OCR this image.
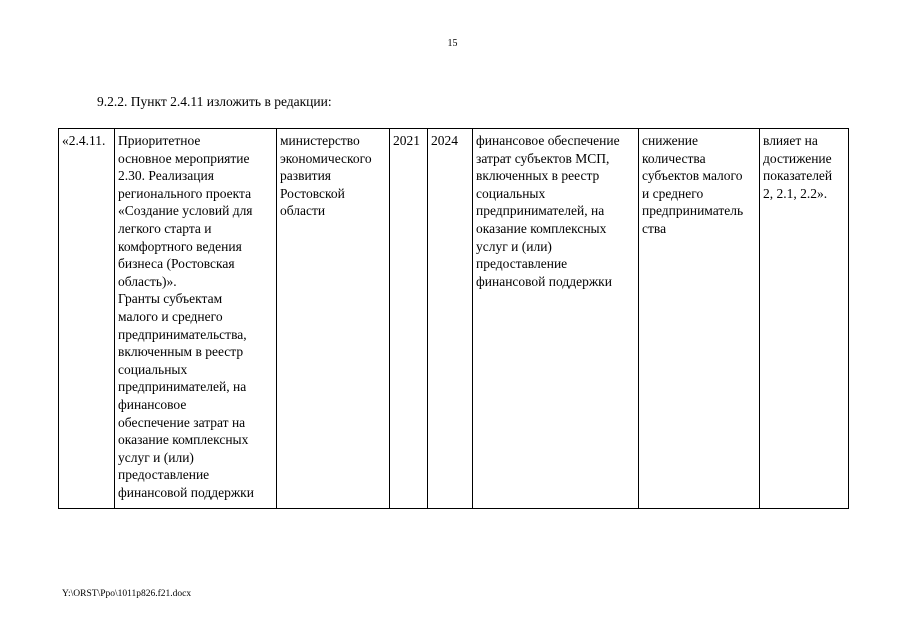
15
9.2.2. Пункт 2.4.11 изложить в редакции:
«2.4.11.	Приоритетное
основное мероприятие
2.30. Реализация
регионального проекта
«Создание условий для
легкого старта и
комфортного ведения
бизнеса (Ростовская
область)».
Гранты субъектам
малого и среднего
предпринимательства,
включенным в реестр
социальных
предпринимателей, на
финансовое
обеспечение затрат на
оказание комплексных
услуг и (или)
предоставление
финансовой поддержки	министерство
экономического
развития
Ростовской
области	2021	2024	финансовое обеспечение
затрат субъектов МСП,
включенных в реестр
социальных
предпринимателей, на
оказание комплексных
услуг и (или)
предоставление
финансовой поддержки	снижение
количества
субъектов малого
и среднего
предприниматель
ства	влияет на
достижение
показателей
2, 2.1, 2.2».
Y:\ORST\Ppo\1011p826.f21.docx
